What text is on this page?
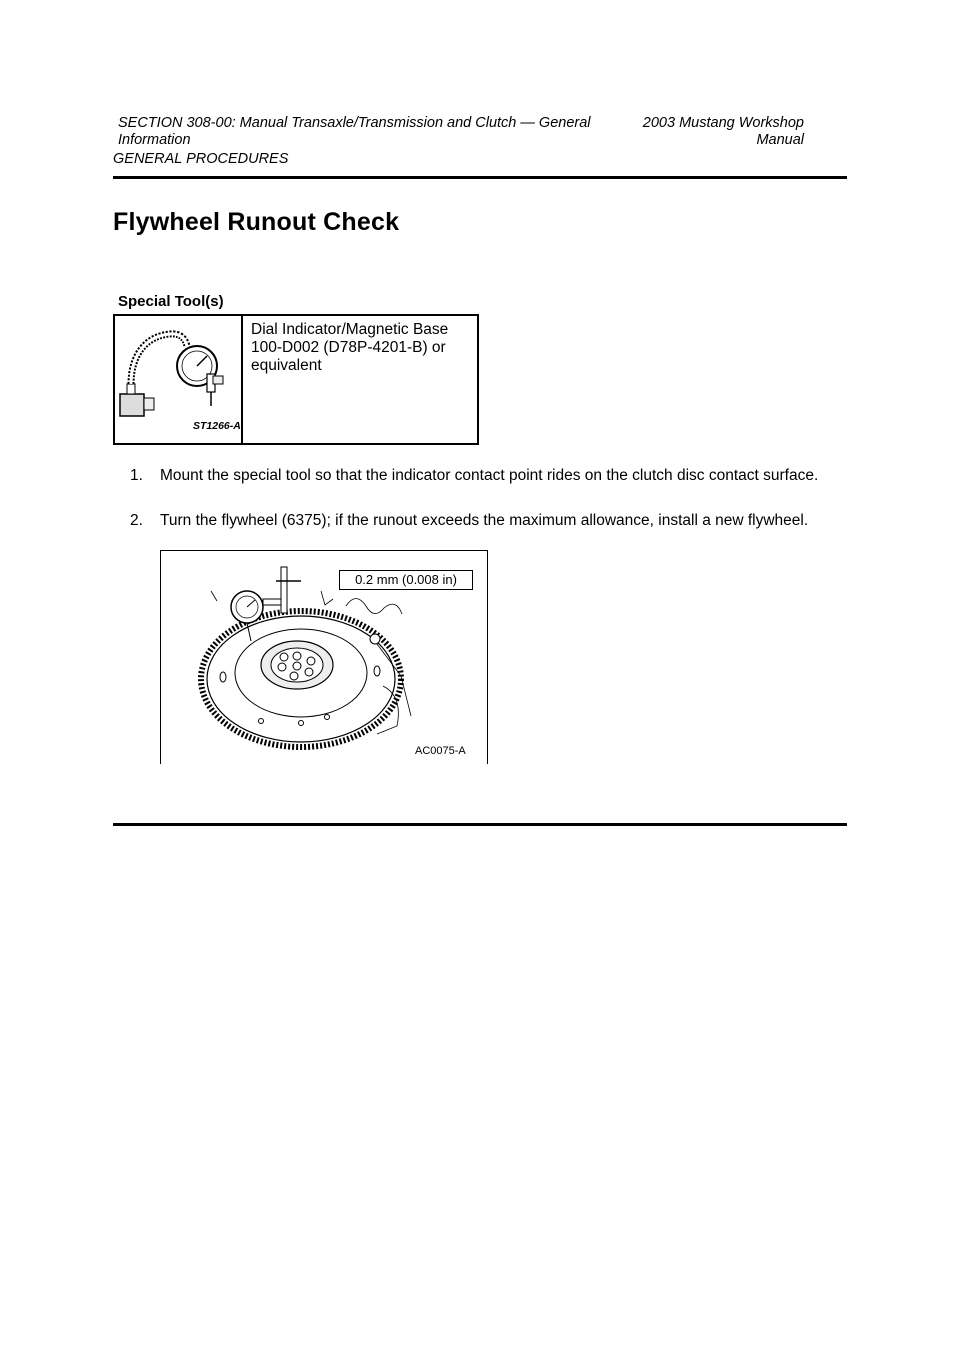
SECTION 308-00: Manual Transaxle/Transmission and Clutch — General Information
2003 Mustang Workshop Manual
GENERAL PROCEDURES
Flywheel Runout Check
Special Tool(s)
ST1266-A
Dial Indicator/Magnetic Base 100-D002 (D78P-4201-B) or equivalent
1.	Mount the special tool so that the indicator contact point rides on the clutch disc contact surface.
2.	Turn the flywheel (6375); if the runout exceeds the maximum allowance, install a new flywheel.
0.2 mm (0.008 in)
AC0075-A
